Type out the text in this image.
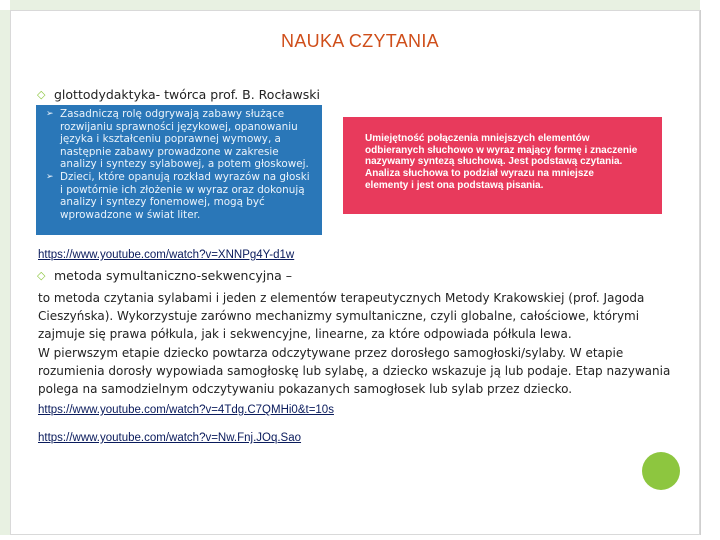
NAUKA CZYTANIA
◇ glottodydaktyka- twórca prof. B. Rocławski
➢ Zasadniczą rolę odgrywają zabawy służące
rozwijaniu sprawności językowej, opanowaniu
języka i kształceniu poprawnej wymowy, a
następnie zabawy prowadzone w zakresie
analizy i syntezy sylabowej, a potem głoskowej.
➢ Dzieci, które opanują rozkład wyrazów na głoski
i powtórnie ich złożenie w wyraz oraz dokonują
analizy i syntezy fonemowej, mogą być
wprowadzone w świat liter.
Umiejętność połączenia mniejszych elementów
odbieranych słuchowo w wyraz mający formę i znaczenie
nazywamy syntezą słuchową. Jest podstawą czytania.
Analiza słuchowa to podział wyrazu na mniejsze
elementy i jest ona podstawą pisania.
https://www.youtube.com/watch?v=XNNPg4Y-d1w
◇ metoda symultaniczno-sekwencyjna –
to metoda czytania sylabami i jeden z elementów terapeutycznych Metody Krakowskiej (prof. Jagoda
Cieszyńska). Wykorzystuje zarówno mechanizmy symultaniczne, czyli globalne, całościowe, którymi
zajmuje się prawa półkula, jak i sekwencyjne, linearne, za które odpowiada półkula lewa.
W pierwszym etapie dziecko powtarza odczytywane przez dorosłego samogłoski/sylaby. W etapie
rozumienia dorosły wypowiada samogłoskę lub sylabę, a dziecko wskazuje ją lub podaje. Etap nazywania
polega na samodzielnym odczytywaniu pokazanych samogłosek lub sylab przez dziecko.
https://www.youtube.com/watch?v=4Tdg.C7QMHi0&t=10s
https://www.youtube.com/watch?v=Nw.Fnj.JOq.Sao
